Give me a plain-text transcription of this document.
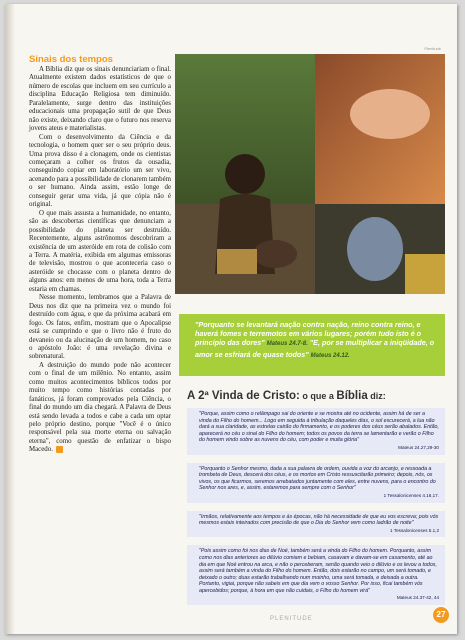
Plenitude
Sinais dos tempos

A Bíblia diz que os sinais denunciariam o final. Atualmente existem dados estatísticos de que o número de escolas que incluem em seu currículo a disciplina Educação Religiosa tem diminuído. Paralelamente, surge dentro das instituições educacionais uma propagação sutil de que Deus não existe, deixando claro que o futuro nos reserva jovens ateus e materialistas.

Com o desenvolvimento da Ciência e da tecnologia, o homem quer ser o seu próprio deus. Uma prova disso é a clonagem, onde os cientistas começaram a colher os frutos da ousadia, conseguindo copiar em laboratório um ser vivo, acenando para a possibilidade de clonarem também o ser humano. Ainda assim, estão longe de conseguir gerar uma vida, já que cópia não é original.

O que mais assusta a humanidade, no entanto, são as descobertas científicas que denunciam a possibilidade do planeta ser destruído. Recentemente, alguns astrônomos descobriram a existência de um asteróide em rota de colisão com a Terra. A matéria, exibida em algumas emissoras de televisão, mostrou o que aconteceria caso o asteróide se chocasse com o planeta dentro de alguns anos: em menos de uma hora, toda a Terra estaria em chamas.

Nesse momento, lembramos que a Palavra de Deus nos diz que na primeira vez o mundo foi destruído com água, e que da próxima acabará em fogo. Os fatos, enfim, mostram que o Apocalipse está se cumprindo e que o livro não é fruto do devaneio ou da alucinação de um homem, no caso o apóstolo João: é uma revelação divina e sobrenatural.

A destruição do mundo pode não acontecer com o final de um milênio. No entanto, assim como muitos acontecimentos bíblicos todos por muito tempo como histórias contadas por fanáticos, já foram comprovados pela Ciência, o final do mundo um dia chegará. A Palavra de Deus está sendo levada a todos e cabe a cada um optar pelo próprio destino, porque "Você é o único responsável pela sua morte eterna ou salvação eterna", como questão de enfatizar o bispo Macedo.

"Porquanto se levantará nação contra nação, reino contra reino, e haverá fomes e terremotos em vários lugares; porém tudo isto é o princípio das dores" Mateus 24.7-8. "E, por se multiplicar a iniqüidade, o amor se esfriará de quase todos" Mateus 24.12.
A 2ª Vinda de Cristo: o que a Bíblia diz:
"Porque, assim como o relâmpago sai do oriente e se mostra até no ocidente, assim há de ser a vinda do Filho do homem... Logo em seguida à tribulação daqueles dias, o sol escurecerá, a lua não dará a sua claridade, as estrelas cairão do firmamento, e os poderes dos céus serão abalados. Então, aparecerá no céu o sinal do Filho do homem; todos os povos da terra se lamentarão e verão o Filho do homem vindo sobre as nuvens do céu, com poder e muita glória"
Mateus 24.27,29-30
"Porquanto o Senhor mesmo, dada a sua palavra de ordem, ouvida a voz do arcanjo, e ressoada a trombeta de Deus, descerá dos céus, e os mortos em Cristo ressuscitarão primeiro; depois, nós, os vivos, os que ficarmos, seremos arrebatados juntamente com eles, entre nuvens, para o encontro do Senhor nos ares, e, assim, estaremos para sempre com o Senhor"
1 Tessalonicenses 4.16,17.
"Irmãos, relativamente aos tempos e às épocas, não há necessidade de que eu vos escreva; pois vós mesmos estais inteirados com precisão de que o Dia do Senhor vem como ladrão de noite"
1 Tessalonicenses 5.1,2
"Pois assim como foi nos dias de Noé, também será a vinda do Filho do homem. Porquanto, assim como nos dias anteriores ao dilúvio comiam e bebiam, casavam e davam-se em casamento, até ao dia em que Noé entrou na arca, e não o perceberam, senão quando veio o dilúvio e os levou a todos, assim será também a vinda do Filho do homem. Então, dois estarão no campo, um será tomado, e deixado o outro; duas estarão trabalhando num moinho, uma será tomada, e deixada a outra. Portanto, vigiai, porque não sabeis em que dia vem o vosso Senhor. Por isso, ficai também vós apercebidos; porque, à hora em que não cuidais, o Filho do homem virá"
Mateus 24.37-42, 44
PLENITUDE	27
